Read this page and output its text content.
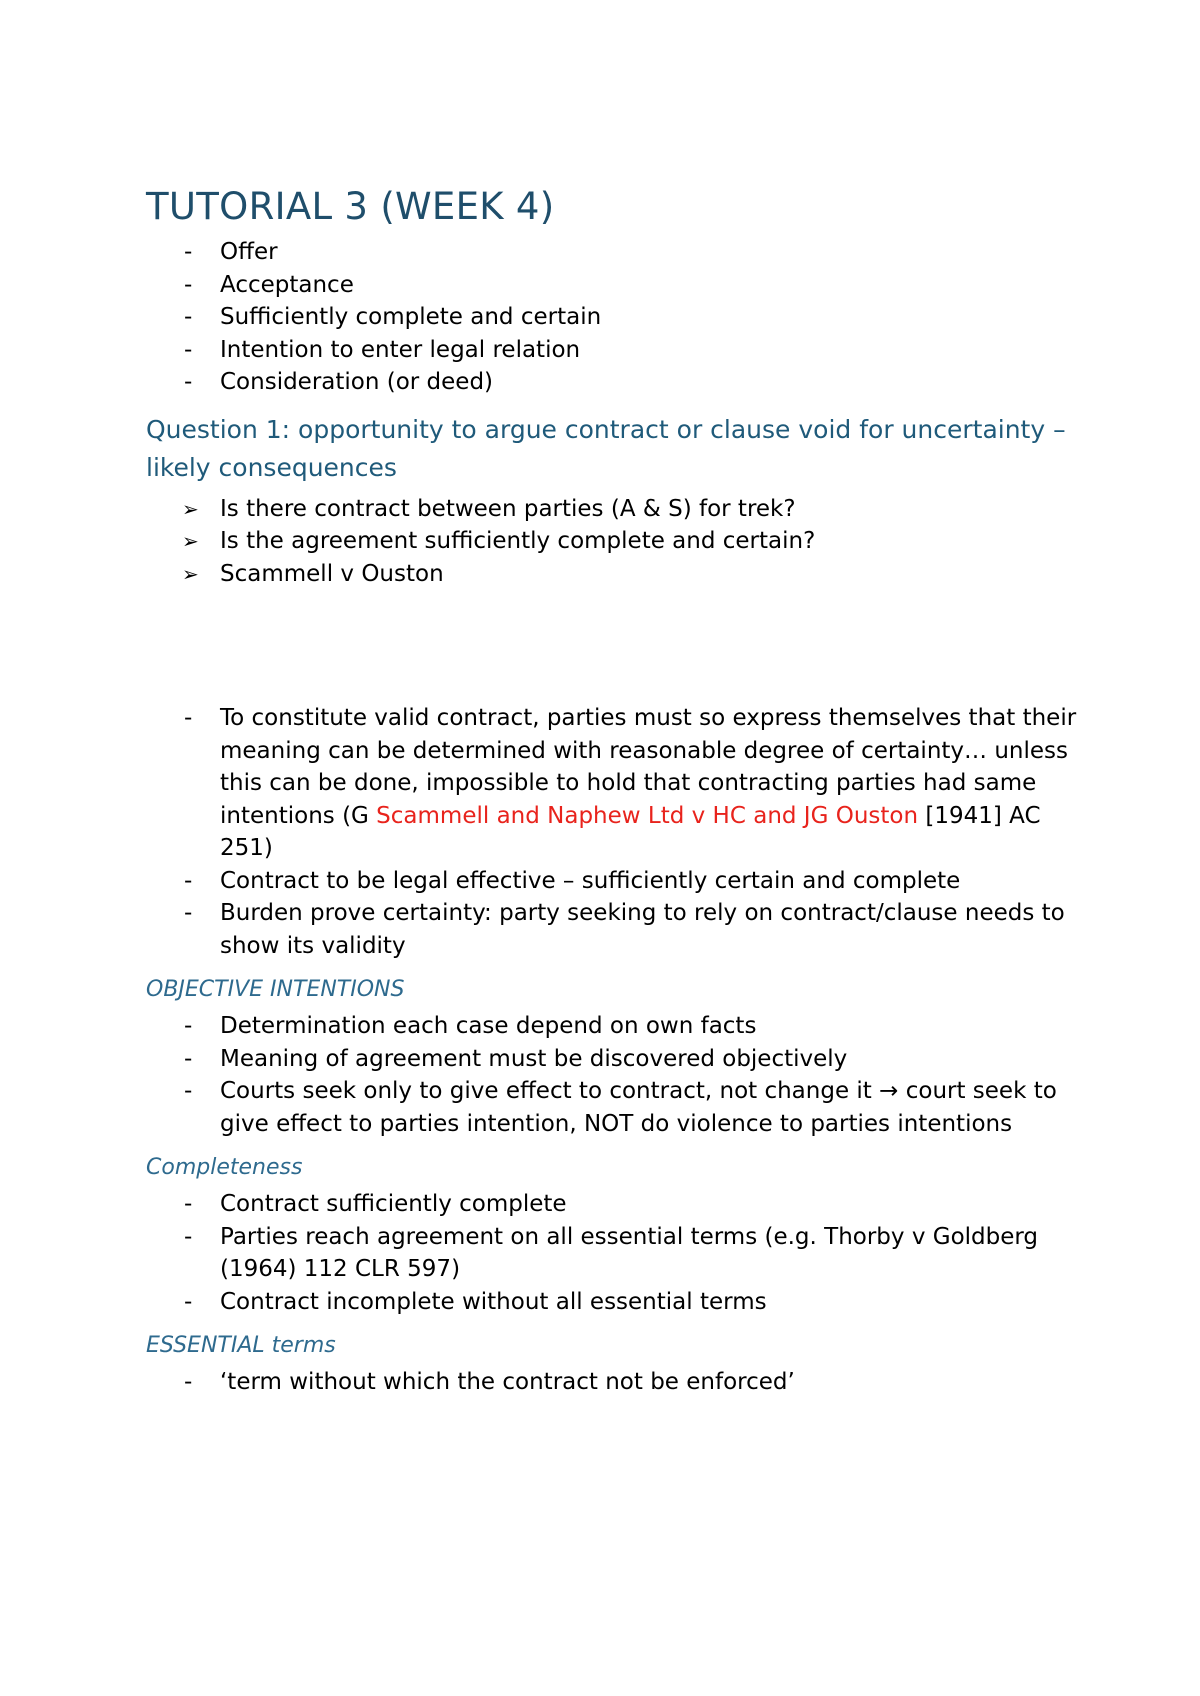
TUTORIAL 3 (WEEK 4)
-	Offer
-	Acceptance
-	Sufficiently complete and certain
-	Intention to enter legal relation
-	Consideration (or deed)
Question 1: opportunity to argue contract or clause void for uncertainty – likely consequences
➢ Is there contract between parties (A & S) for trek?
➢ Is the agreement sufficiently complete and certain?
➢ Scammell v Ouston
-	To constitute valid contract, parties must so express themselves that their meaning can be determined with reasonable degree of certainty… unless this can be done, impossible to hold that contracting parties had same intentions (G Scammell and Naphew Ltd v HC and JG Ouston [1941] AC 251)
-	Contract to be legal effective – sufficiently certain and complete
-	Burden prove certainty: party seeking to rely on contract/clause needs to show its validity
OBJECTIVE INTENTIONS
-	Determination each case depend on own facts
-	Meaning of agreement must be discovered objectively
-	Courts seek only to give effect to contract, not change it → court seek to give effect to parties intention, NOT do violence to parties intentions
Completeness
-	Contract sufficiently complete
-	Parties reach agreement on all essential terms (e.g. Thorby v Goldberg (1964) 112 CLR 597)
-	Contract incomplete without all essential terms
ESSENTIAL terms
-	‘term without which the contract not be enforced’
